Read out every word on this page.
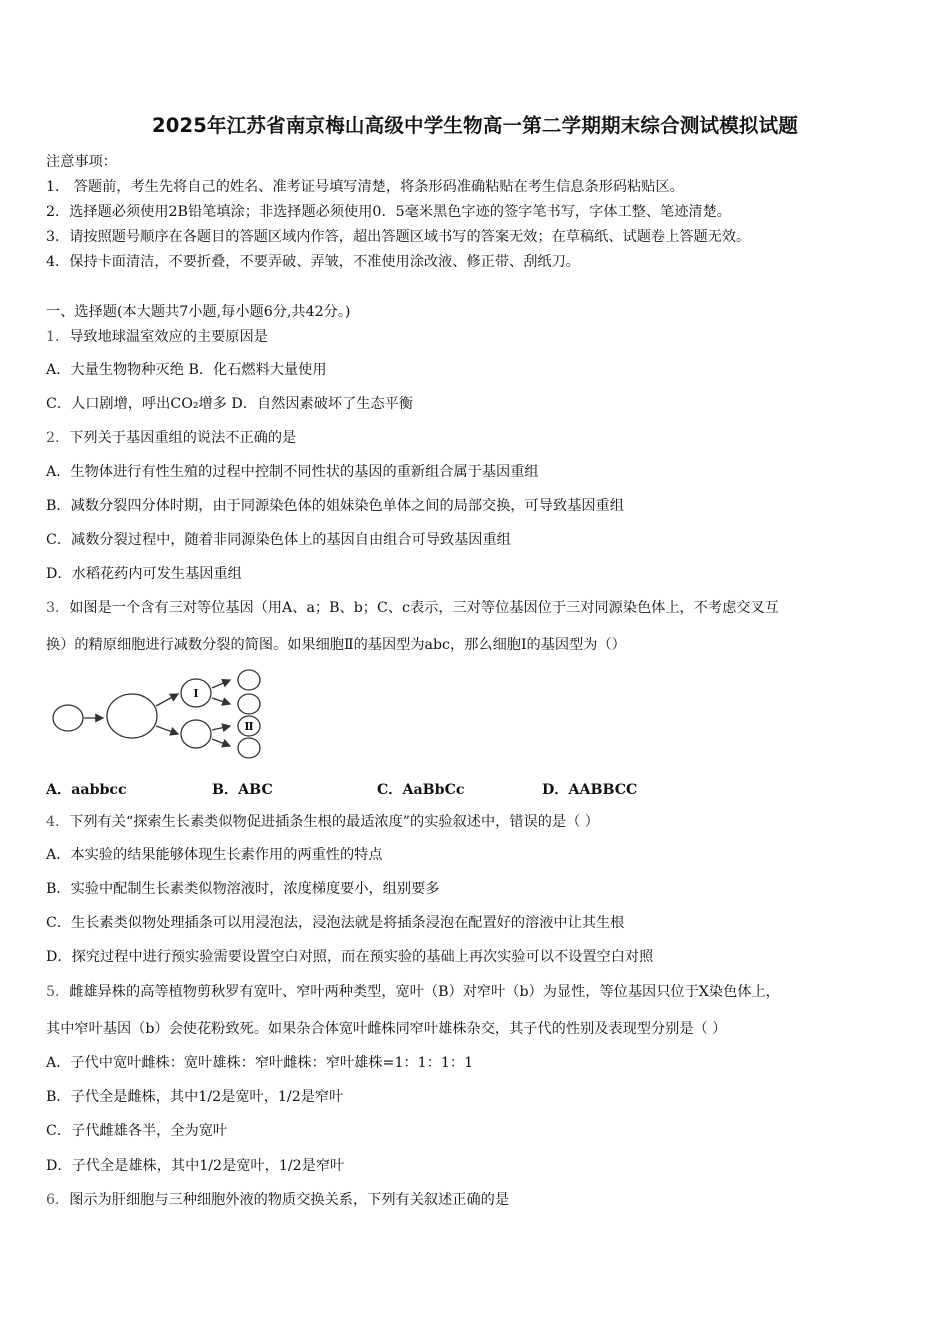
2025年江苏省南京梅山高级中学生物高一第二学期期末综合测试模拟试题
注意事项：
1． 答题前，考生先将自己的姓名、准考证号填写清楚，将条形码准确粘贴在考生信息条形码粘贴区。
2．选择题必须使用2B铅笔填涂；非选择题必须使用0．5毫米黑色字迹的签字笔书写，字体工整、笔迹清楚。
3．请按照题号顺序在各题目的答题区域内作答，超出答题区域书写的答案无效；在草稿纸、试题卷上答题无效。
4．保持卡面清洁，不要折叠，不要弄破、弄皱，不准使用涂改液、修正带、刮纸刀。
一、选择题(本大题共7小题,每小题6分,共42分。)
1．导致地球温室效应的主要原因是
A．大量生物物种灭绝 B．化石燃料大量使用
C．人口剧增，呼出CO₂增多 D．自然因素破坏了生态平衡
2．下列关于基因重组的说法不正确的是
A．生物体进行有性生殖的过程中控制不同性状的基因的重新组合属于基因重组
B．减数分裂四分体时期，由于同源染色体的姐妹染色单体之间的局部交换，可导致基因重组
C．减数分裂过程中，随着非同源染色体上的基因自由组合可导致基因重组
D．水稻花药内可发生基因重组
3．如图是一个含有三对等位基因（用A、a；B、b；C、c表示，三对等位基因位于三对同源染色体上，不考虑交叉互
换）的精原细胞进行减数分裂的简图。如果细胞Ⅱ的基因型为abc，那么细胞Ⅰ的基因型为（）
Ⅰ
Ⅱ
A．aabbcc	B．ABC	C．AaBbCc	D．AABBCC
4．下列有关“探索生长素类似物促进插条生根的最适浓度”的实验叙述中，错误的是（ ）
A．本实验的结果能够体现生长素作用的两重性的特点
B．实验中配制生长素类似物溶液时，浓度梯度要小，组别要多
C．生长素类似物处理插条可以用浸泡法，浸泡法就是将插条浸泡在配置好的溶液中让其生根
D．探究过程中进行预实验需要设置空白对照，而在预实验的基础上再次实验可以不设置空白对照
5．雌雄异株的高等植物剪秋罗有宽叶、窄叶两种类型，宽叶（B）对窄叶（b）为显性，等位基因只位于X染色体上，
其中窄叶基因（b）会使花粉致死。如果杂合体宽叶雌株同窄叶雄株杂交，其子代的性别及表现型分别是（ ）
A．子代中宽叶雌株：宽叶雄株：窄叶雌株：窄叶雄株=1：1：1：1
B．子代全是雌株，其中1/2是宽叶，1/2是窄叶
C．子代雌雄各半，全为宽叶
D．子代全是雄株，其中1/2是宽叶，1/2是窄叶
6．图示为肝细胞与三种细胞外液的物质交换关系，下列有关叙述正确的是
